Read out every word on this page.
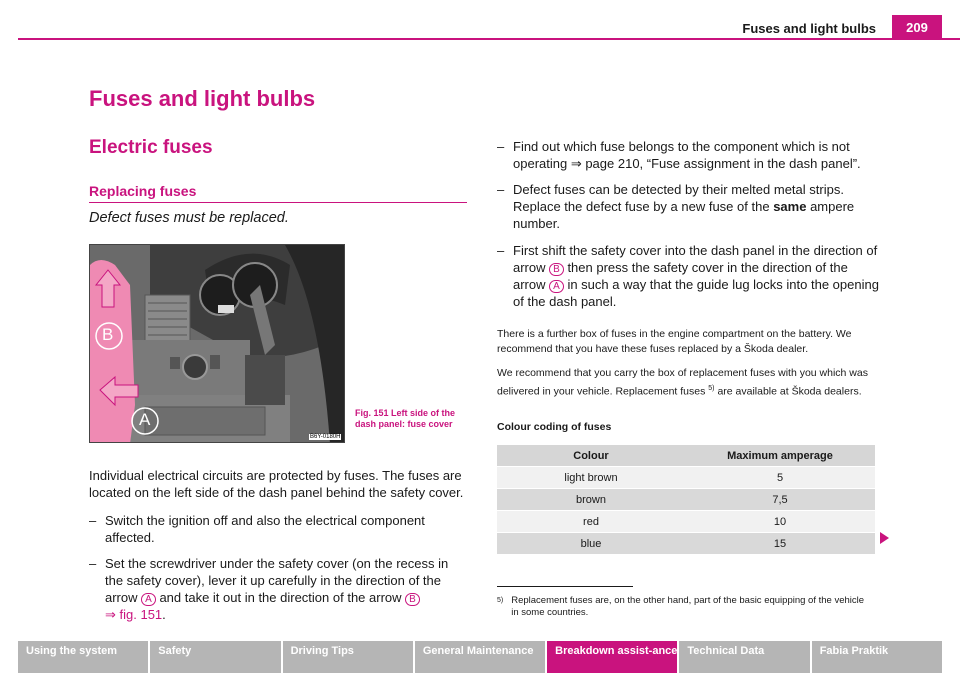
Fuses and light bulbs	209
Fuses and light bulbs
Electric fuses
Replacing fuses
Defect fuses must be replaced.
B
A
B6Y-0180H
Fig. 151 Left side of the dash panel: fuse cover
Individual electrical circuits are protected by fuses. The fuses are located on the left side of the dash panel behind the safety cover.
– Switch the ignition off and also the electrical component affected.
– Set the screwdriver under the safety cover (on the recess in the safety cover), lever it up carefully in the direction of the arrow A and take it out in the direction of the arrow B
⇒ fig. 151.
– Find out which fuse belongs to the component which is not operating ⇒ page 210, “Fuse assignment in the dash panel”.
– Defect fuses can be detected by their melted metal strips. Replace the defect fuse by a new fuse of the same ampere number.
– First shift the safety cover into the dash panel in the direction of arrow B then press the safety cover in the direction of the arrow A in such a way that the guide lug locks into the opening of the dash panel.
There is a further box of fuses in the engine compartment on the battery. We recommend that you have these fuses replaced by a Škoda dealer.
We recommend that you carry the box of replacement fuses with you which was delivered in your vehicle. Replacement fuses $^{5)}$ are available at Škoda dealers.
Colour coding of fuses
Colour	Maximum amperage
light brown	5
brown	7,5
red	10
blue	15
$^{5)}$ Replacement fuses are, on the other hand, part of the basic equipping of the vehicle in some countries.
Using the system	Safety	Driving Tips	General Maintenance	Breakdown assist-ance Technical Data	Fabia Praktik
